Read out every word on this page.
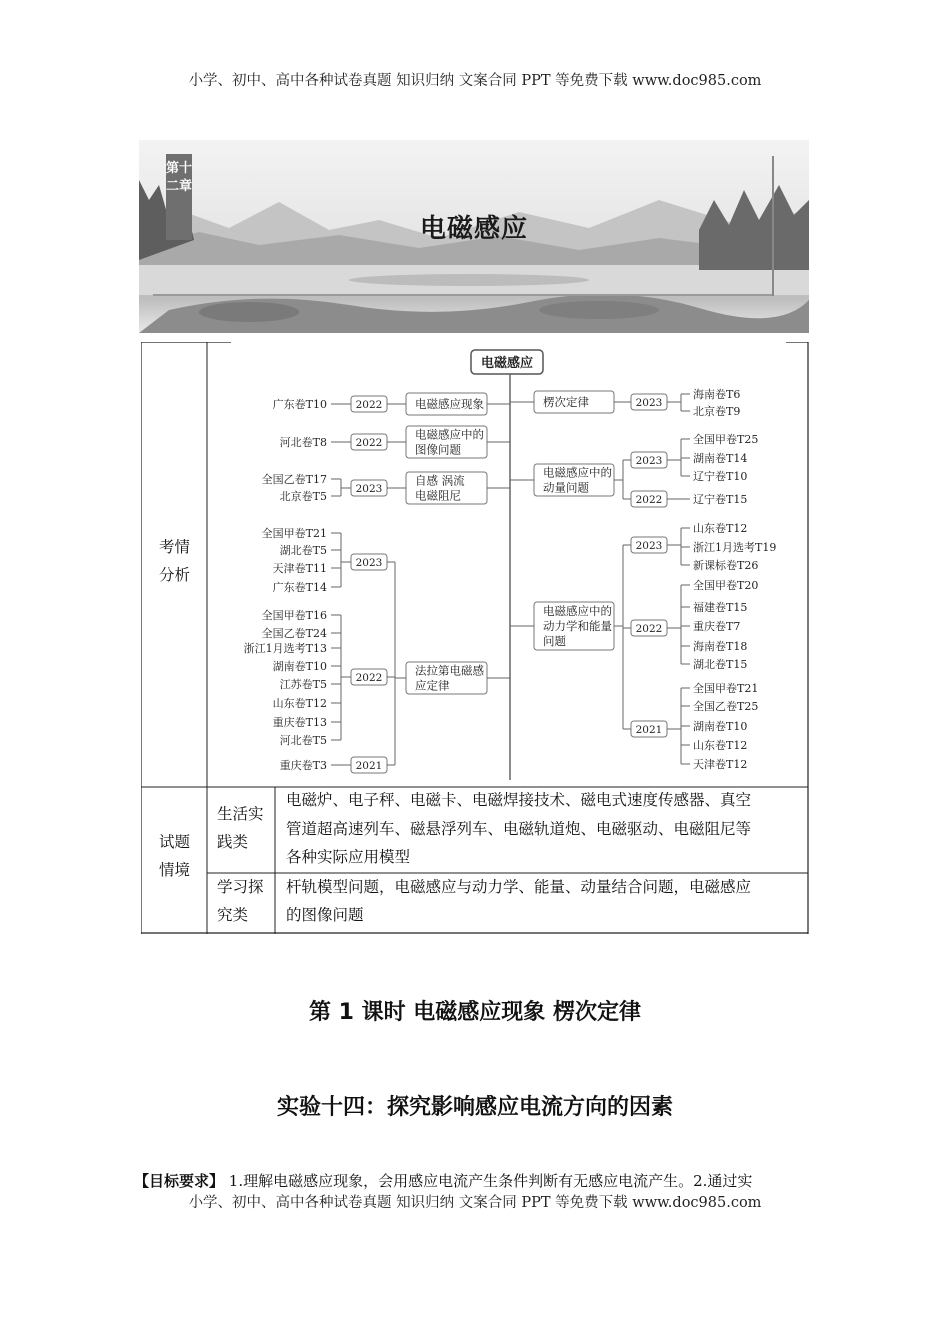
小学、初中、高中各种试卷真题 知识归纳 文案合同 PPT 等免费下载 www.doc985.com
第十二章
电磁感应
电磁感应
电磁感应现象
2022
广东卷T10
电磁感应中的
图像问题
2022
河北卷T8
自感 涡流
电磁阻尼
2023
全国乙卷T17
北京卷T5
法拉第电磁感
应定律
2023
全国甲卷T21
湖北卷T5
天津卷T11
广东卷T14
2022
全国甲卷T16
全国乙卷T24
浙江1月选考T13
湖南卷T10
江苏卷T5
山东卷T12
重庆卷T13
河北卷T5
2021
重庆卷T3
楞次定律	2023
海南卷T6
北京卷T9
电磁感应中的
动量问题
2023
全国甲卷T25
湖南卷T14
辽宁卷T10
2022	辽宁卷T15
电磁感应中的
动力学和能量
问题
2023
山东卷T12
浙江1月选考T19
新课标卷T26
2022
全国甲卷T20
福建卷T15
重庆卷T7
海南卷T18
湖北卷T15
2021
全国甲卷T21
全国乙卷T25
湖南卷T10
山东卷T12
天津卷T12
考情
分析
试题
情境
生活实
践类
学习探
究类
电磁炉、电子秤、电磁卡、电磁焊接技术、磁电式速度传感器、真空
管道超高速列车、磁悬浮列车、电磁轨道炮、电磁驱动、电磁阻尼等
各种实际应用模型
杆轨模型问题，电磁感应与动力学、能量、动量结合问题，电磁感应
的图像问题
第 1 课时 电磁感应现象 楞次定律
实验十四：探究影响感应电流方向的因素
【目标要求】 1.理解电磁感应现象，会用感应电流产生条件判断有无感应电流产生。2.通过实
小学、初中、高中各种试卷真题 知识归纳 文案合同 PPT 等免费下载 www.doc985.com
